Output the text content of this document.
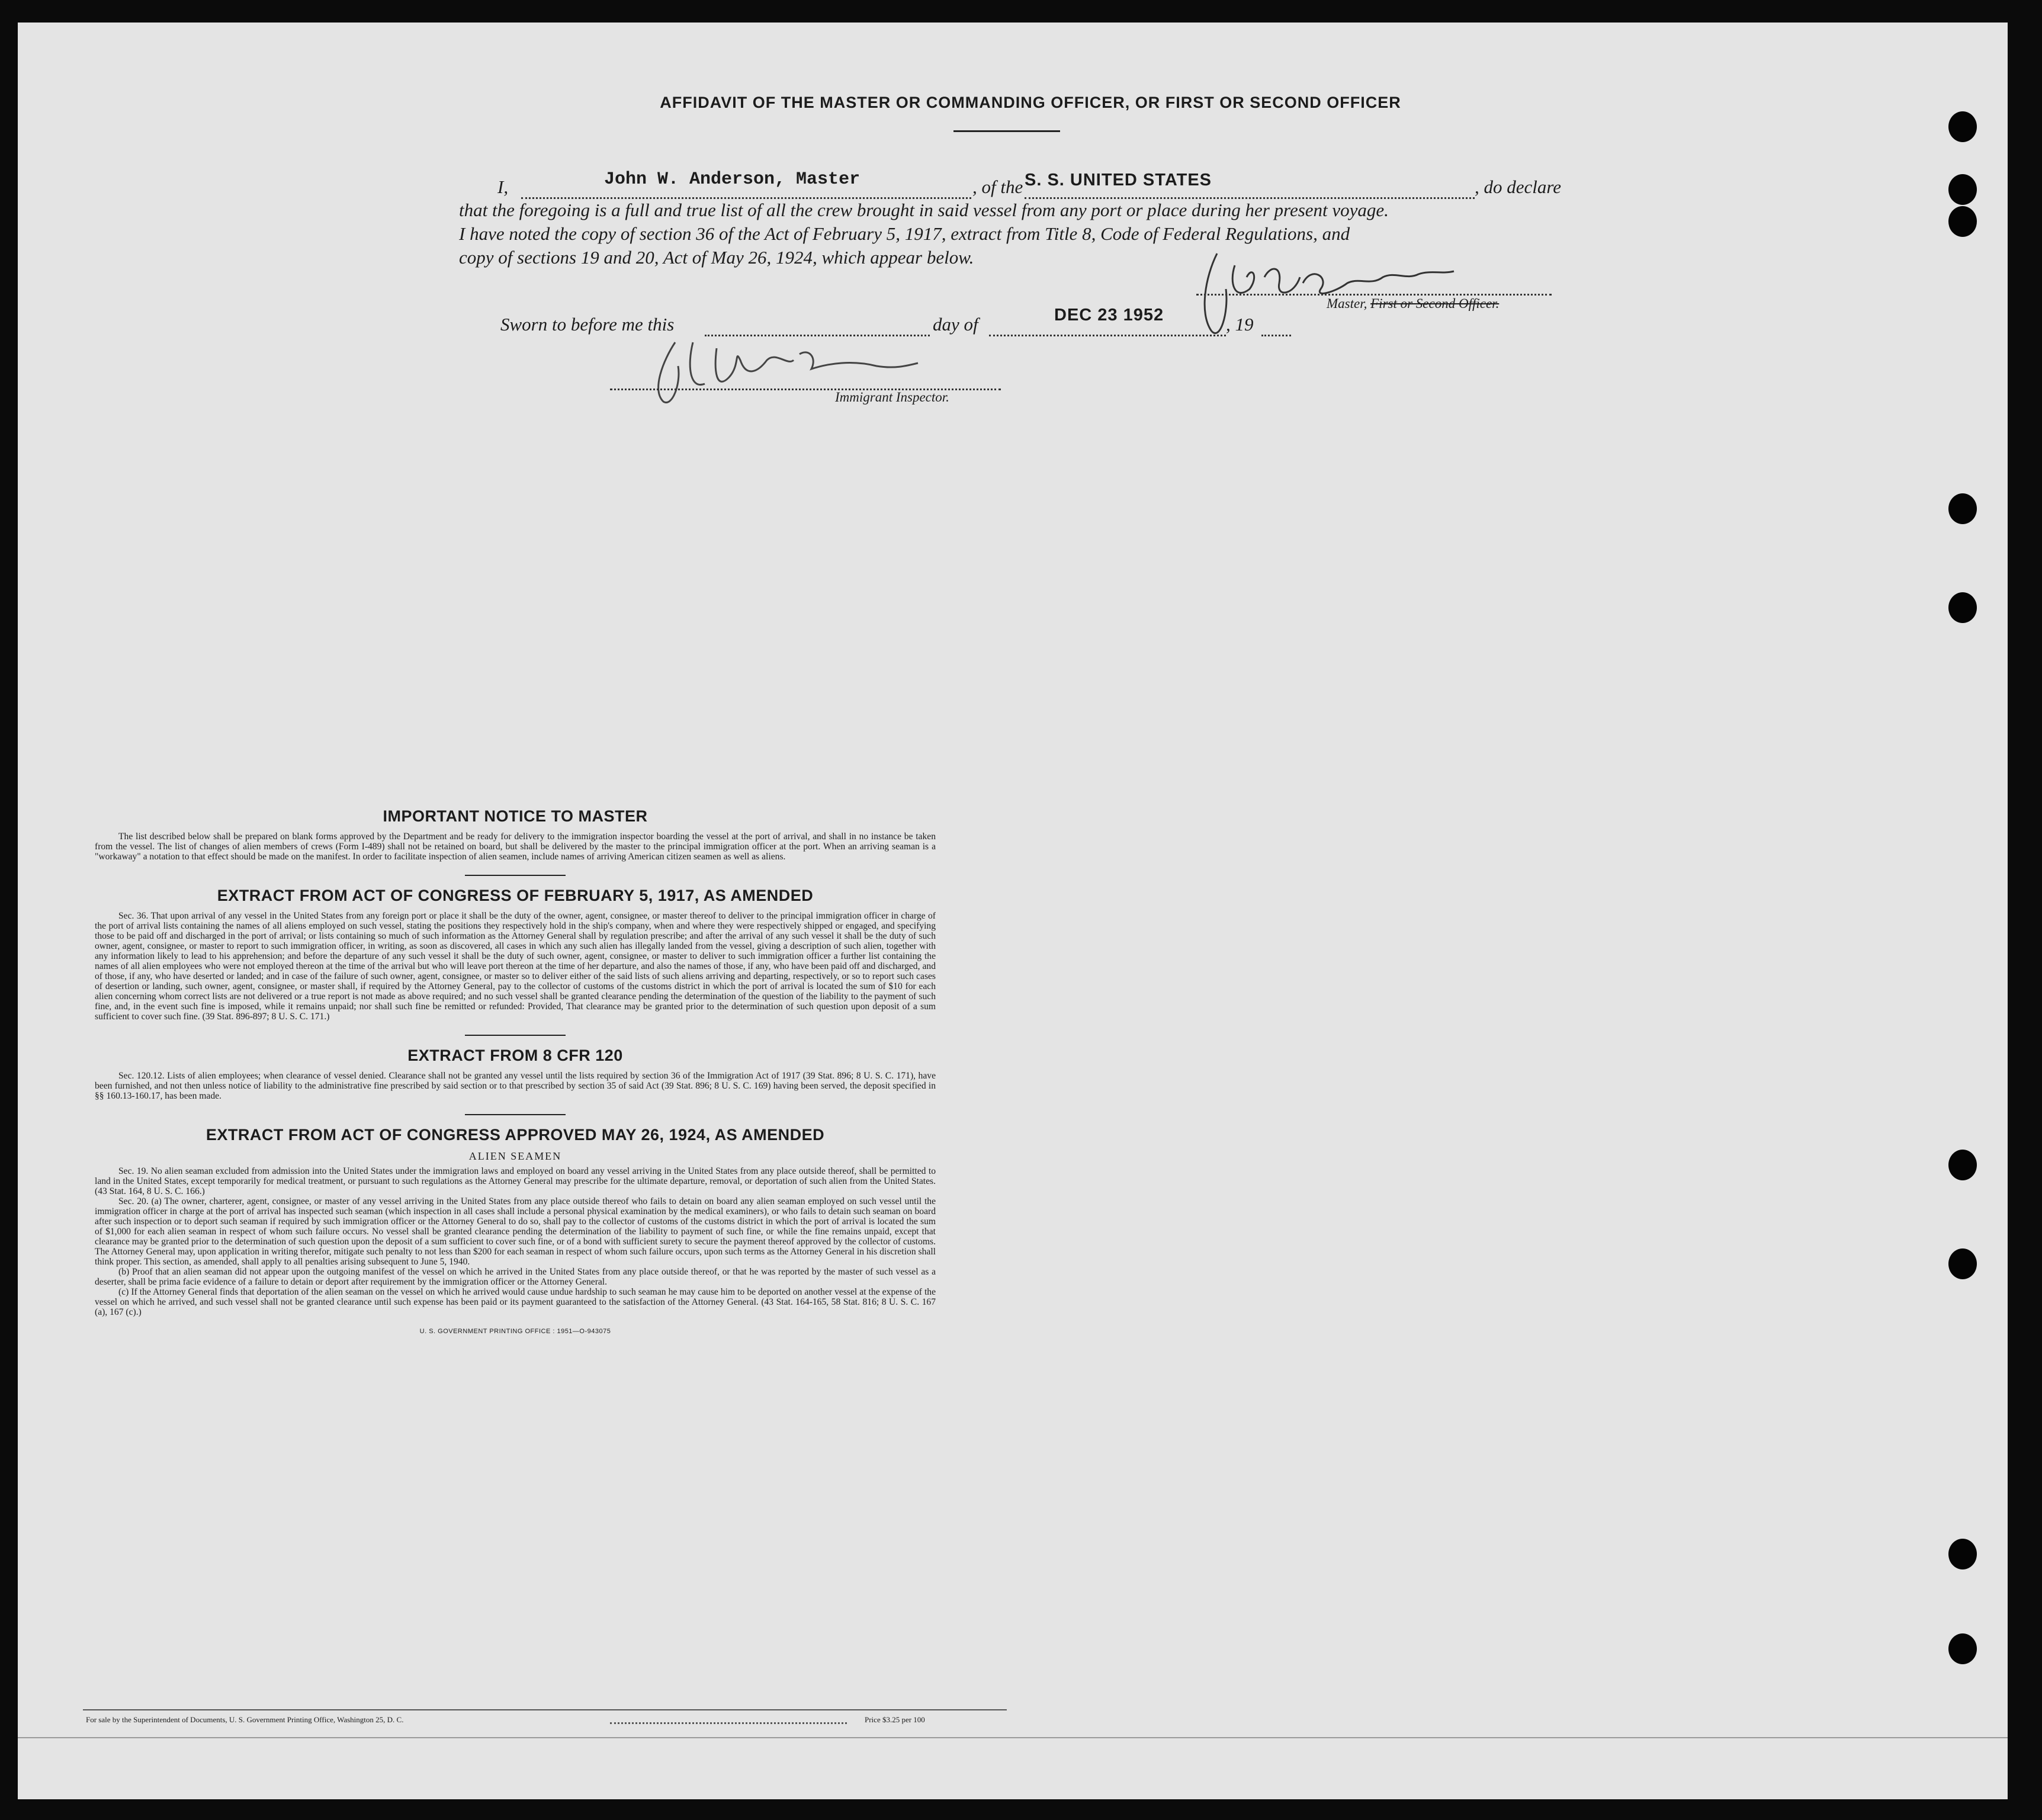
AFFIDAVIT OF THE MASTER OR COMMANDING OFFICER, OR FIRST OR SECOND OFFICER
I,	John W. Anderson, Master	, of the S. S. UNITED STATES	, do declare
that the foregoing is a full and true list of all the crew brought in said vessel from any port or place during her present voyage.
I have noted the copy of section 36 of the Act of February 5, 1917, extract from Title 8, Code of Federal Regulations, and
copy of sections 19 and 20, Act of May 26, 1924, which appear below.
Master, First or Second Officer.
Sworn to before me this	day of	DEC 23 1952	, 19
Immigrant Inspector.
IMPORTANT NOTICE TO MASTER

The list described below shall be prepared on blank forms approved by the Department and be ready for delivery to the immigration inspector boarding the vessel at the port of arrival, and shall in no instance be taken from the vessel. The list of changes of alien members of crews (Form I-489) shall not be retained on board, but shall be delivered by the master to the principal immigration officer at the port. When an arriving seaman is a "workaway" a notation to that effect should be made on the manifest. In order to facilitate inspection of alien seamen, include names of arriving American citizen seamen as well as aliens.

EXTRACT FROM ACT OF CONGRESS OF FEBRUARY 5, 1917, AS AMENDED

Sec. 36. That upon arrival of any vessel in the United States from any foreign port or place it shall be the duty of the owner, agent, consignee, or master thereof to deliver to the principal immigration officer in charge of the port of arrival lists containing the names of all aliens employed on such vessel, stating the positions they respectively hold in the ship's company, when and where they were respectively shipped or engaged, and specifying those to be paid off and discharged in the port of arrival; or lists containing so much of such information as the Attorney General shall by regulation prescribe; and after the arrival of any such vessel it shall be the duty of such owner, agent, consignee, or master to report to such immigration officer, in writing, as soon as discovered, all cases in which any such alien has illegally landed from the vessel, giving a description of such alien, together with any information likely to lead to his apprehension; and before the departure of any such vessel it shall be the duty of such owner, agent, consignee, or master to deliver to such immigration officer a further list containing the names of all alien employees who were not employed thereon at the time of the arrival but who will leave port thereon at the time of her departure, and also the names of those, if any, who have been paid off and discharged, and of those, if any, who have deserted or landed; and in case of the failure of such owner, agent, consignee, or master so to deliver either of the said lists of such aliens arriving and departing, respectively, or so to report such cases of desertion or landing, such owner, agent, consignee, or master shall, if required by the Attorney General, pay to the collector of customs of the customs district in which the port of arrival is located the sum of $10 for each alien concerning whom correct lists are not delivered or a true report is not made as above required; and no such vessel shall be granted clearance pending the determination of the question of the liability to the payment of such fine, and, in the event such fine is imposed, while it remains unpaid; nor shall such fine be remitted or refunded: Provided, That clearance may be granted prior to the determination of such question upon deposit of a sum sufficient to cover such fine. (39 Stat. 896-897; 8 U. S. C. 171.)

EXTRACT FROM 8 CFR 120

Sec. 120.12. Lists of alien employees; when clearance of vessel denied. Clearance shall not be granted any vessel until the lists required by section 36 of the Immigration Act of 1917 (39 Stat. 896; 8 U. S. C. 171), have been furnished, and not then unless notice of liability to the administrative fine prescribed by said section or to that prescribed by section 35 of said Act (39 Stat. 896; 8 U. S. C. 169) having been served, the deposit specified in §§ 160.13-160.17, has been made.

EXTRACT FROM ACT OF CONGRESS APPROVED MAY 26, 1924, AS AMENDED
ALIEN SEAMEN

Sec. 19. No alien seaman excluded from admission into the United States under the immigration laws and employed on board any vessel arriving in the United States from any place outside thereof, shall be permitted to land in the United States, except temporarily for medical treatment, or pursuant to such regulations as the Attorney General may prescribe for the ultimate departure, removal, or deportation of such alien from the United States. (43 Stat. 164, 8 U. S. C. 166.)

Sec. 20. (a) The owner, charterer, agent, consignee, or master of any vessel arriving in the United States from any place outside thereof who fails to detain on board any alien seaman employed on such vessel until the immigration officer in charge at the port of arrival has inspected such seaman (which inspection in all cases shall include a personal physical examination by the medical examiners), or who fails to detain such seaman on board after such inspection or to deport such seaman if required by such immigration officer or the Attorney General to do so, shall pay to the collector of customs of the customs district in which the port of arrival is located the sum of $1,000 for each alien seaman in respect of whom such failure occurs. No vessel shall be granted clearance pending the determination of the liability to payment of such fine, or while the fine remains unpaid, except that clearance may be granted prior to the determination of such question upon the deposit of a sum sufficient to cover such fine, or of a bond with sufficient surety to secure the payment thereof approved by the collector of customs. The Attorney General may, upon application in writing therefor, mitigate such penalty to not less than $200 for each seaman in respect of whom such failure occurs, upon such terms as the Attorney General in his discretion shall think proper. This section, as amended, shall apply to all penalties arising subsequent to June 5, 1940.

(b) Proof that an alien seaman did not appear upon the outgoing manifest of the vessel on which he arrived in the United States from any place outside thereof, or that he was reported by the master of such vessel as a deserter, shall be prima facie evidence of a failure to detain or deport after requirement by the immigration officer or the Attorney General.

(c) If the Attorney General finds that deportation of the alien seaman on the vessel on which he arrived would cause undue hardship to such seaman he may cause him to be deported on another vessel at the expense of the vessel on which he arrived, and such vessel shall not be granted clearance until such expense has been paid or its payment guaranteed to the satisfaction of the Attorney General. (43 Stat. 164-165, 58 Stat. 816; 8 U. S. C. 167 (a), 167 (c).)

U. S. GOVERNMENT PRINTING OFFICE : 1951—O-943075
For sale by the Superintendent of Documents, U. S. Government Printing Office, Washington 25, D. C.	Price $3.25 per 100
